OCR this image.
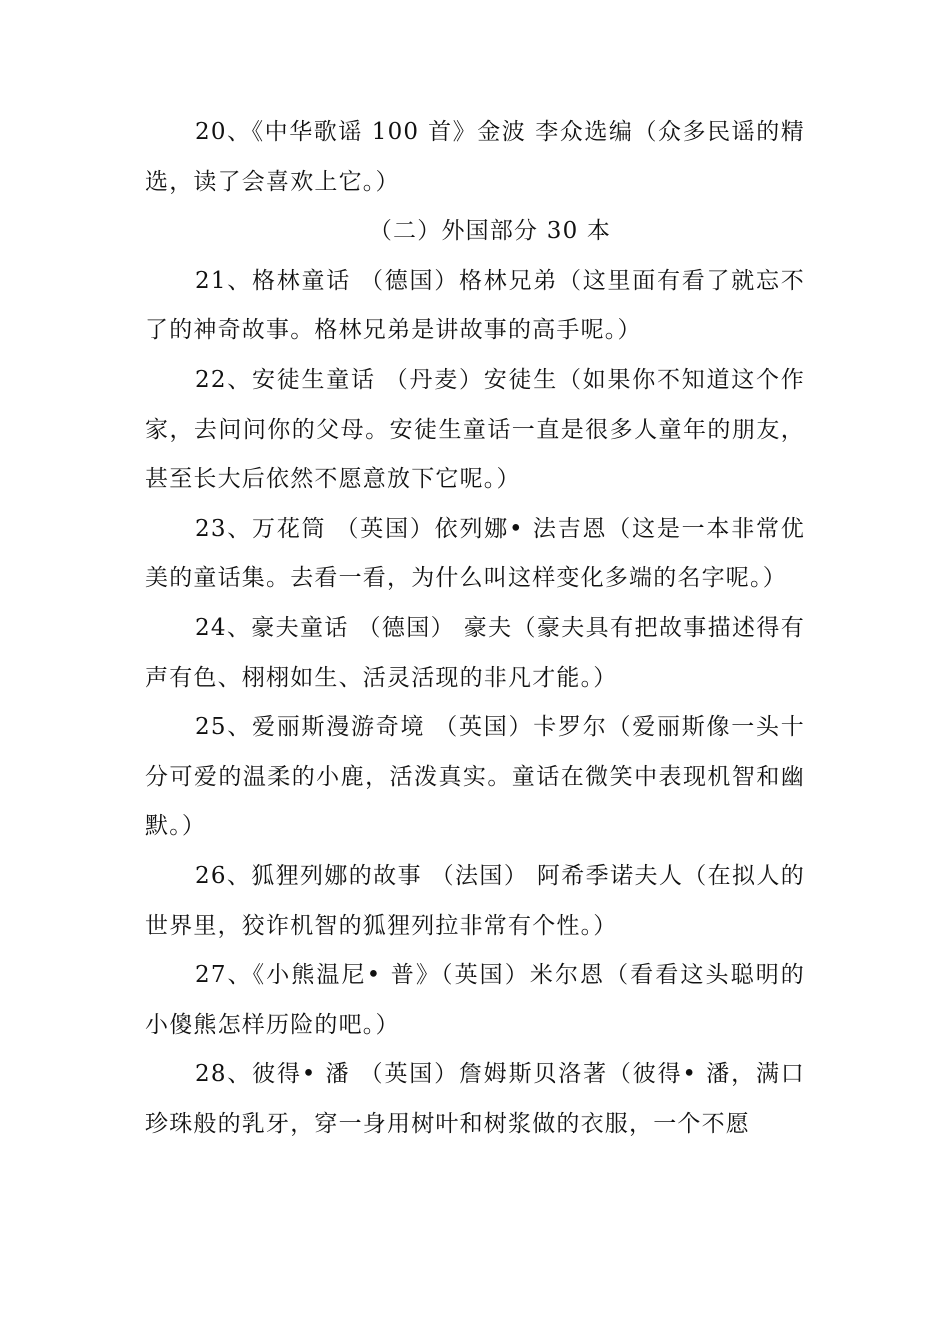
20、《中华歌谣 100 首》金波 李众选编（众多民谣的精选，读了会喜欢上它。）

（二）外国部分 30 本

21、格林童话 （德国）格林兄弟（这里面有看了就忘不了的神奇故事。格林兄弟是讲故事的高手呢。）

22、安徒生童话 （丹麦）安徒生（如果你不知道这个作家，去问问你的父母。安徒生童话一直是很多人童年的朋友，甚至长大后依然不愿意放下它呢。）

23、万花筒 （英国）依列娜• 法吉恩（这是一本非常优美的童话集。去看一看，为什么叫这样变化多端的名字呢。）

24、豪夫童话 （德国） 豪夫（豪夫具有把故事描述得有声有色、栩栩如生、活灵活现的非凡才能。）

25、爱丽斯漫游奇境 （英国）卡罗尔（爱丽斯像一头十分可爱的温柔的小鹿，活泼真实。童话在微笑中表现机智和幽默。）

26、狐狸列娜的故事 （法国） 阿希季诺夫人（在拟人的世界里，狡诈机智的狐狸列拉非常有个性。）

27、《小熊温尼• 普》（英国）米尔恩（看看这头聪明的小傻熊怎样历险的吧。）

28、彼得• 潘 （英国）詹姆斯贝洛著（彼得• 潘，满口珍珠般的乳牙，穿一身用树叶和树浆做的衣服，一个不愿
